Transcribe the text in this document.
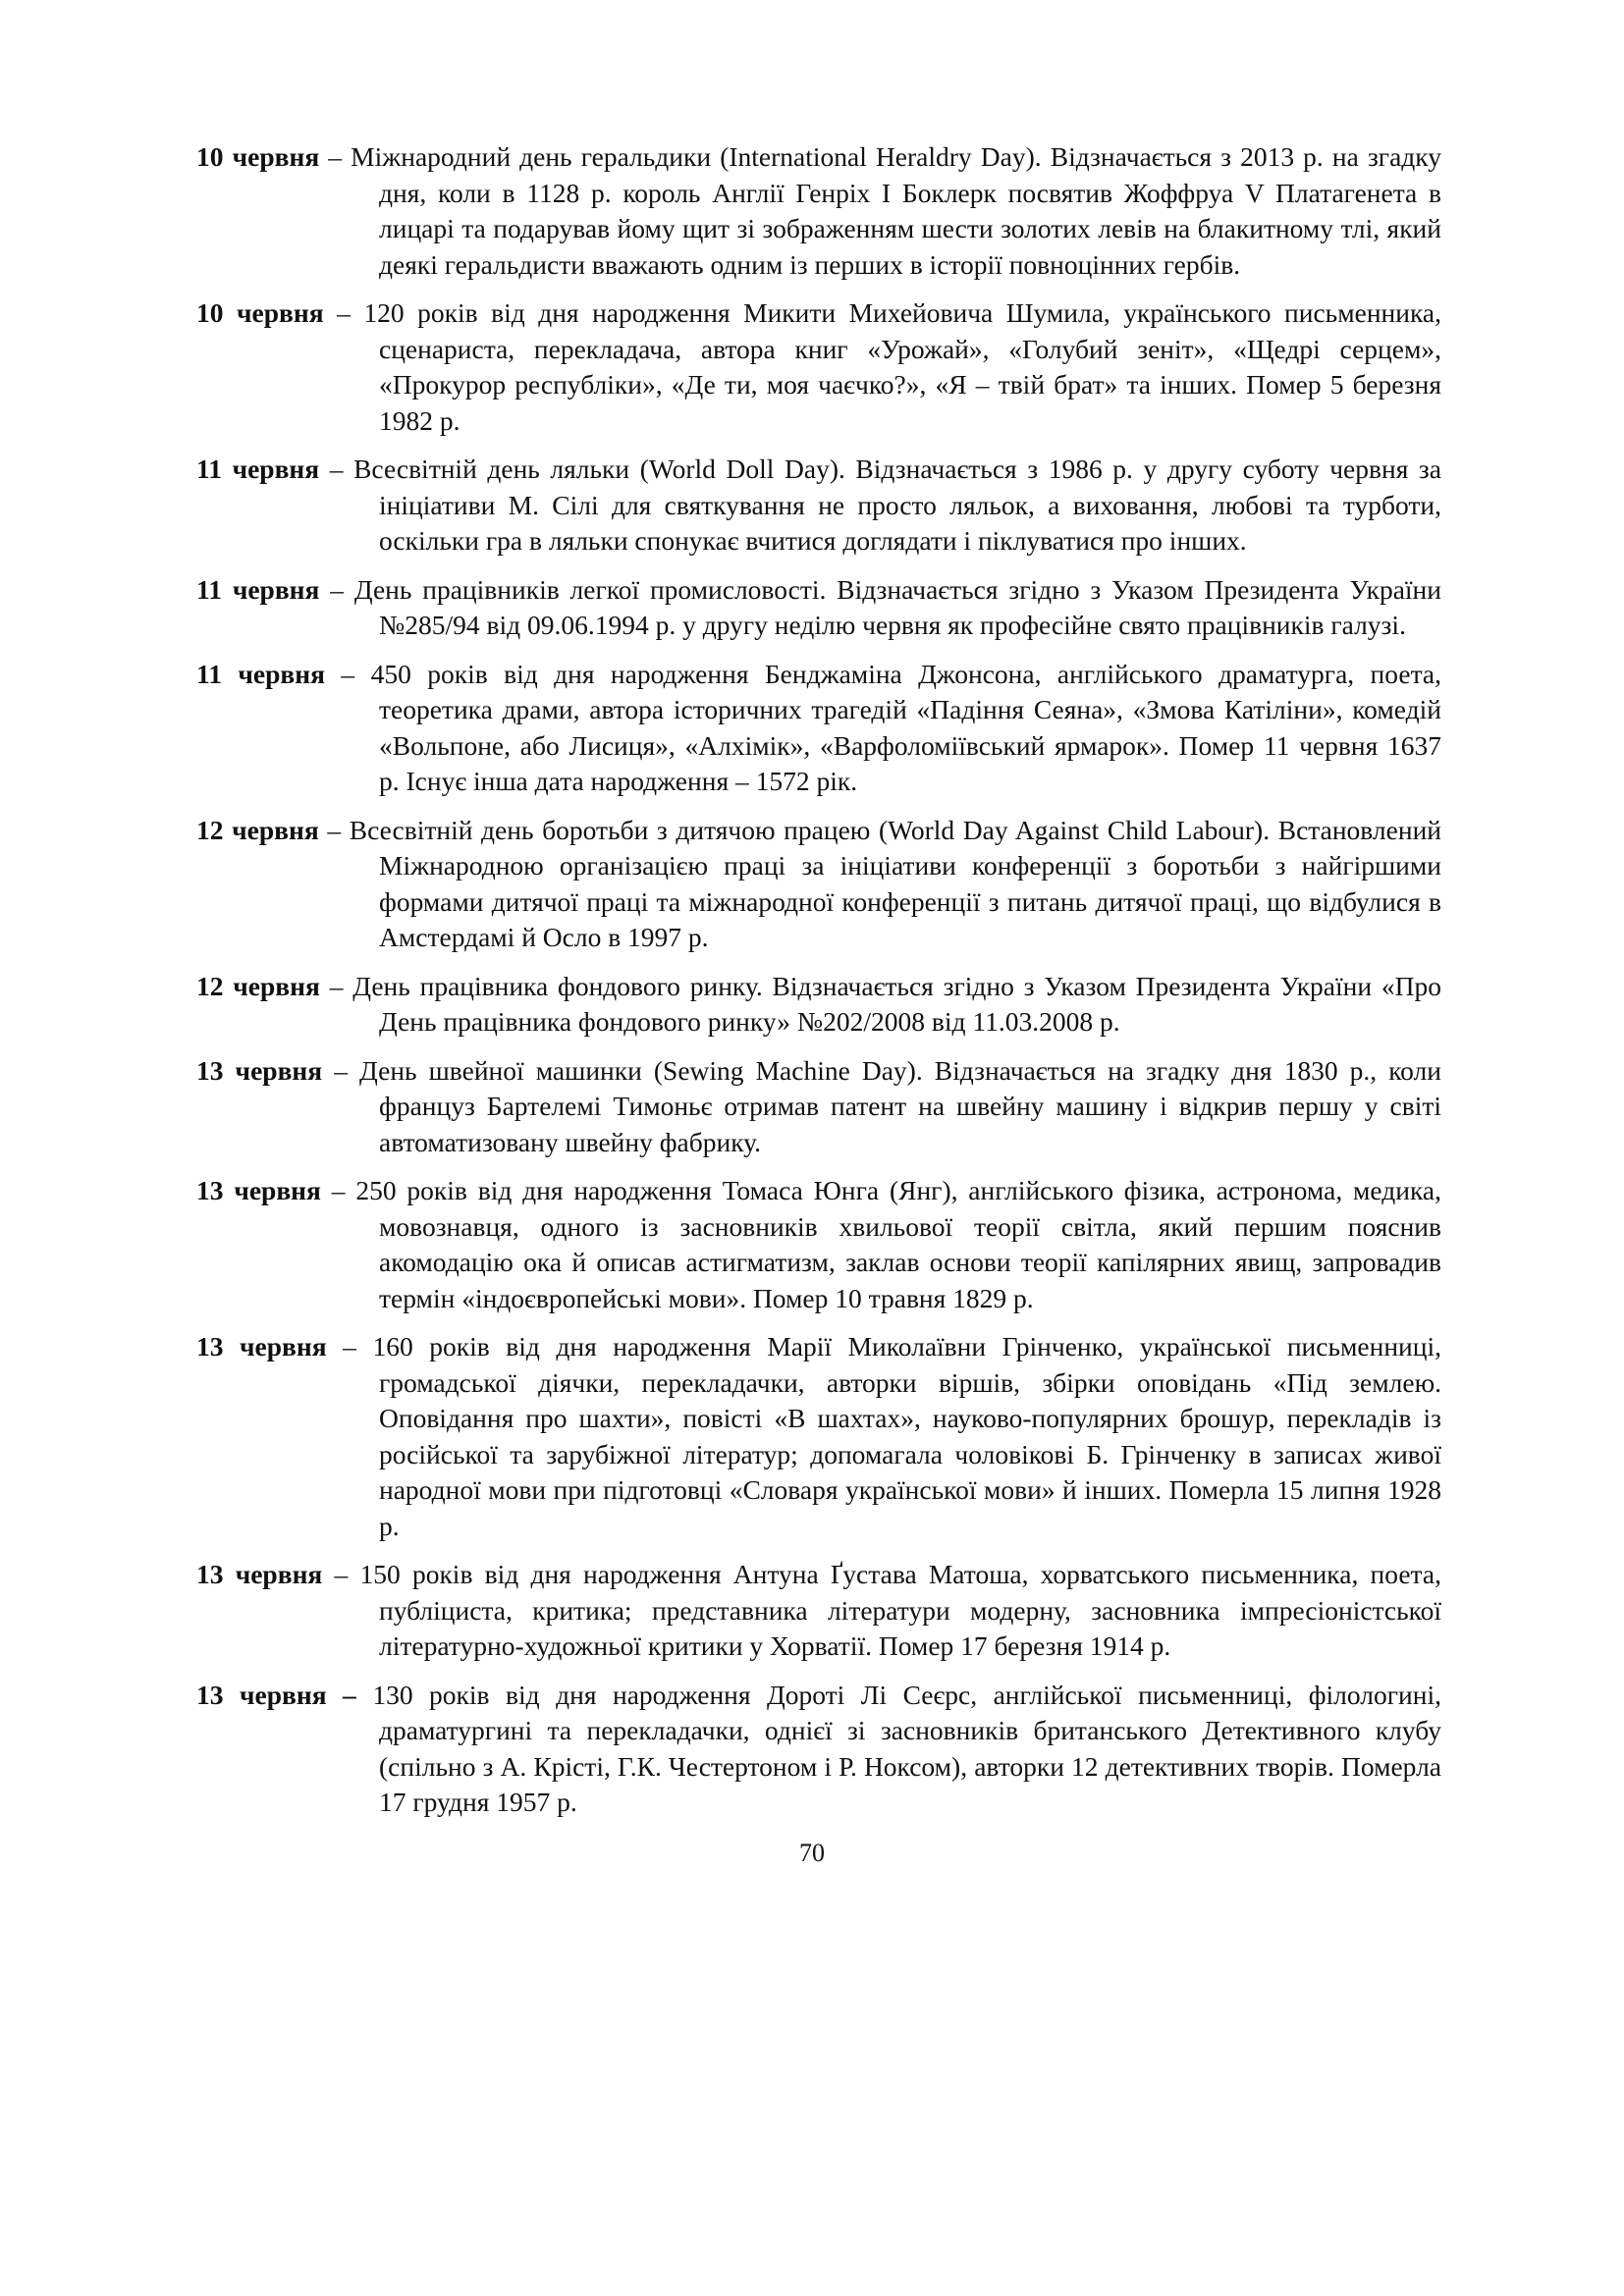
10 червня – Міжнародний день геральдики (International Heraldry Day). Відзначається з 2013 р. на згадку дня, коли в 1128 р. король Англії Генріх I Боклерк посвятив Жоффруа V Платагенета в лицарі та подарував йому щит зі зображенням шести золотих левів на блакитному тлі, який деякі геральдисти вважають одним із перших в історії повноцінних гербів.

10 червня – 120 років від дня народження Микити Михейовича Шумила, українського письменника, сценариста, перекладача, автора книг «Урожай», «Голубий зеніт», «Щедрі серцем», «Прокурор республіки», «Де ти, моя чаєчко?», «Я – твій брат» та інших. Помер 5 березня 1982 р.

11 червня – Всесвітній день ляльки (World Doll Day). Відзначається з 1986 р. у другу суботу червня за ініціативи М. Сілі для святкування не просто ляльок, а виховання, любові та турботи, оскільки гра в ляльки спонукає вчитися доглядати і піклуватися про інших.

11 червня – День працівників легкої промисловості. Відзначається згідно з Указом Президента України №285/94 від 09.06.1994 р. у другу неділю червня як професійне свято працівників галузі.

11 червня – 450 років від дня народження Бенджаміна Джонсона, англійського драматурга, поета, теоретика драми, автора історичних трагедій «Падіння Сеяна», «Змова Катіліни», комедій «Вольпоне, або Лисиця», «Алхімік», «Варфоломіївський ярмарок». Помер 11 червня 1637 р. Існує інша дата народження – 1572 рік.

12 червня – Всесвітній день боротьби з дитячою працею (World Day Against Child Labour). Встановлений Міжнародною організацією праці за ініціативи конференції з боротьби з найгіршими формами дитячої праці та міжнародної конференції з питань дитячої праці, що відбулися в Амстердамі й Осло в 1997 р.

12 червня – День працівника фондового ринку. Відзначається згідно з Указом Президента України «Про День працівника фондового ринку» №202/2008 від 11.03.2008 р.

13 червня – День швейної машинки (Sewing Machine Day). Відзначається на згадку дня 1830 р., коли француз Бартелемі Тимоньє отримав патент на швейну машину і відкрив першу у світі автоматизовану швейну фабрику.

13 червня – 250 років від дня народження Томаса Юнга (Янг), англійського фізика, астронома, медика, мовознавця, одного із засновників хвильової теорії світла, який першим пояснив акомодацію ока й описав астигматизм, заклав основи теорії капілярних явищ, запровадив термін «індоєвропейські мови». Помер 10 травня 1829 р.

13 червня – 160 років від дня народження Марії Миколаївни Грінченко, української письменниці, громадської діячки, перекладачки, авторки віршів, збірки оповідань «Під землею. Оповідання про шахти», повісті «В шахтах», науково-популярних брошур, перекладів із російської та зарубіжної літератур; допомагала чоловікові Б. Грінченку в записах живої народної мови при підготовці «Словаря української мови» й інших. Померла 15 липня 1928 р.

13 червня – 150 років від дня народження Антуна Ґустава Матоша, хорватського письменника, поета, публіциста, критика; представника літератури модерну, засновника імпресіоністської літературно-художньої критики у Хорватії. Помер 17 березня 1914 р.

13 червня – 130 років від дня народження Дороті Лі Сеєрс, англійської письменниці, філологині, драматургині та перекладачки, однієї зі засновників британського Детективного клубу (спільно з А. Крісті, Г.К. Честертоном і Р. Ноксом), авторки 12 детективних творів. Померла 17 грудня 1957 р.

70
